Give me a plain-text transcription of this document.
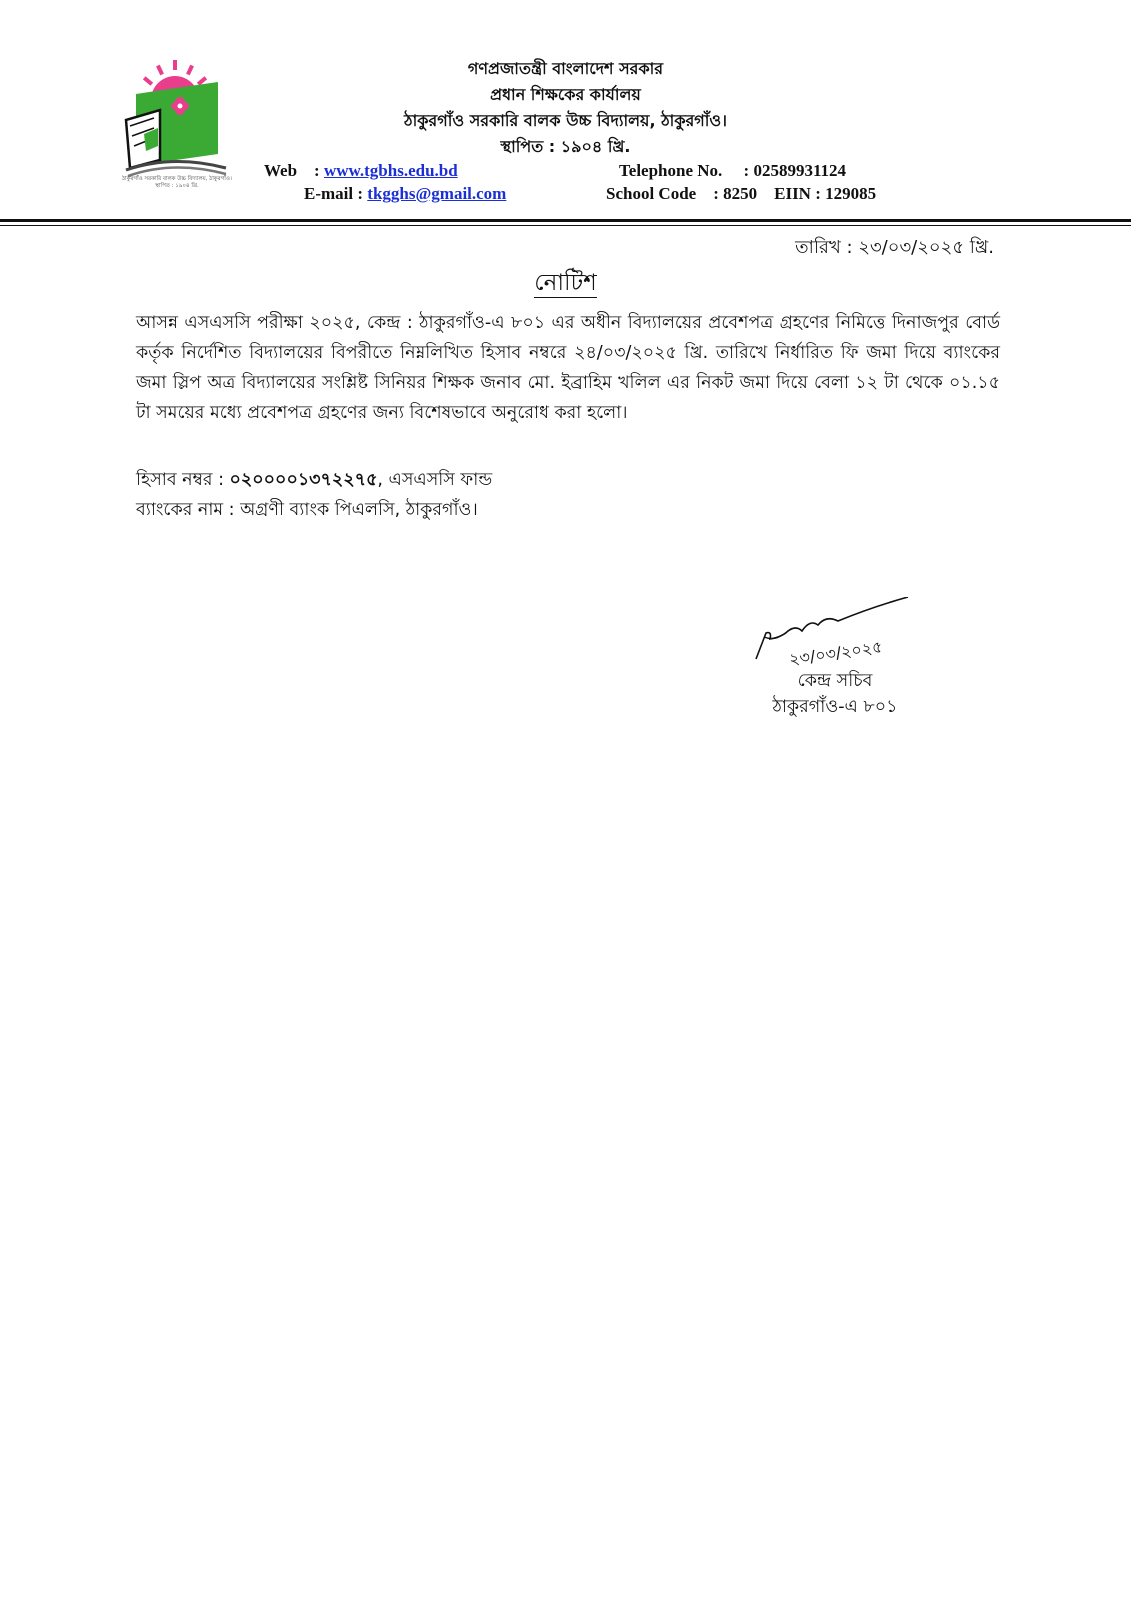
ঠাকুরগাঁও সরকারি বালক উচ্চ বিদ্যালয়, ঠাকুরগাঁও।
স্থাপিত : ১৯০৪ খ্রি.
গণপ্রজাতন্ত্রী বাংলাদেশ সরকার
প্রধান শিক্ষকের কার্যালয়
ঠাকুরগাঁও সরকারি বালক উচ্চ বিদ্যালয়, ঠাকুরগাঁও।
স্থাপিত : ১৯০৪ খ্রি.
Web    : www.tgbhs.edu.bd
E-mail : tkgghs@gmail.com
Telephone No.     : 02589931124
School Code    : 8250    EIIN : 129085
তারিখ : ২৩/০৩/২০২৫ খ্রি.
নোটিশ
আসন্ন এসএসসি পরীক্ষা ২০২৫, কেন্দ্র : ঠাকুরগাঁও-এ ৮০১ এর অধীন বিদ্যালয়ের প্রবেশপত্র গ্রহণের নিমিত্তে দিনাজপুর বোর্ড কর্তৃক নির্দেশিত বিদ্যালয়ের বিপরীতে নিম্নলিখিত হিসাব নম্বরে ২৪/০৩/২০২৫ খ্রি. তারিখে নির্ধারিত ফি জমা দিয়ে ব্যাংকের জমা স্লিপ অত্র বিদ্যালয়ের সংশ্লিষ্ট সিনিয়র শিক্ষক জনাব মো. ইব্রাহিম খলিল এর নিকট জমা দিয়ে বেলা ১২ টা থেকে ০১.১৫ টা সময়ের মধ্যে প্রবেশপত্র গ্রহণের জন্য বিশেষভাবে অনুরোধ করা হলো।
হিসাব নম্বর : ০২০০০০১৩৭২২৭৫, এসএসসি ফান্ড
ব্যাংকের নাম : অগ্রণী ব্যাংক পিএলসি, ঠাকুরগাঁও।
২৩/০৩/২০২৫
কেন্দ্র সচিব
ঠাকুরগাঁও-এ ৮০১
